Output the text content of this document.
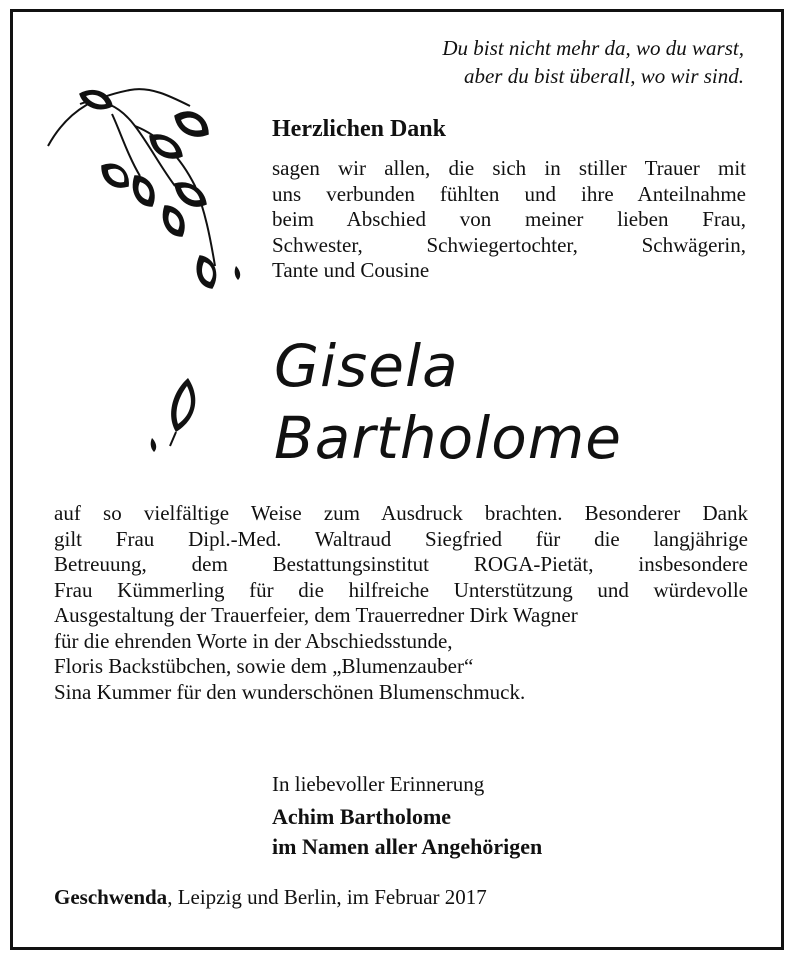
Du bist nicht mehr da, wo du warst,
aber du bist überall, wo wir sind.
Herzlichen Dank
sagen wir allen, die sich in stiller Trauer mit
uns verbunden fühlten und ihre Anteilnahme
beim Abschied von meiner lieben Frau,
Schwester, Schwiegertochter, Schwägerin,
Tante und Cousine
Gisela
Bartholome
auf so vielfältige Weise zum Ausdruck brachten. Besonderer Dank
gilt Frau Dipl.-Med. Waltraud Siegfried für die langjährige
Betreuung, dem Bestattungsinstitut ROGA-Pietät, insbesondere
Frau Kümmerling für die hilfreiche Unterstützung und würdevolle
Ausgestaltung der Trauerfeier, dem Trauerredner Dirk Wagner
für die ehrenden Worte in der Abschiedsstunde,
Floris Backstübchen, sowie dem „Blumenzauber“
Sina Kummer für den wunderschönen Blumenschmuck.
In liebevoller Erinnerung
Achim Bartholome
im Namen aller Angehörigen
Geschwenda, Leipzig und Berlin, im Februar 2017
